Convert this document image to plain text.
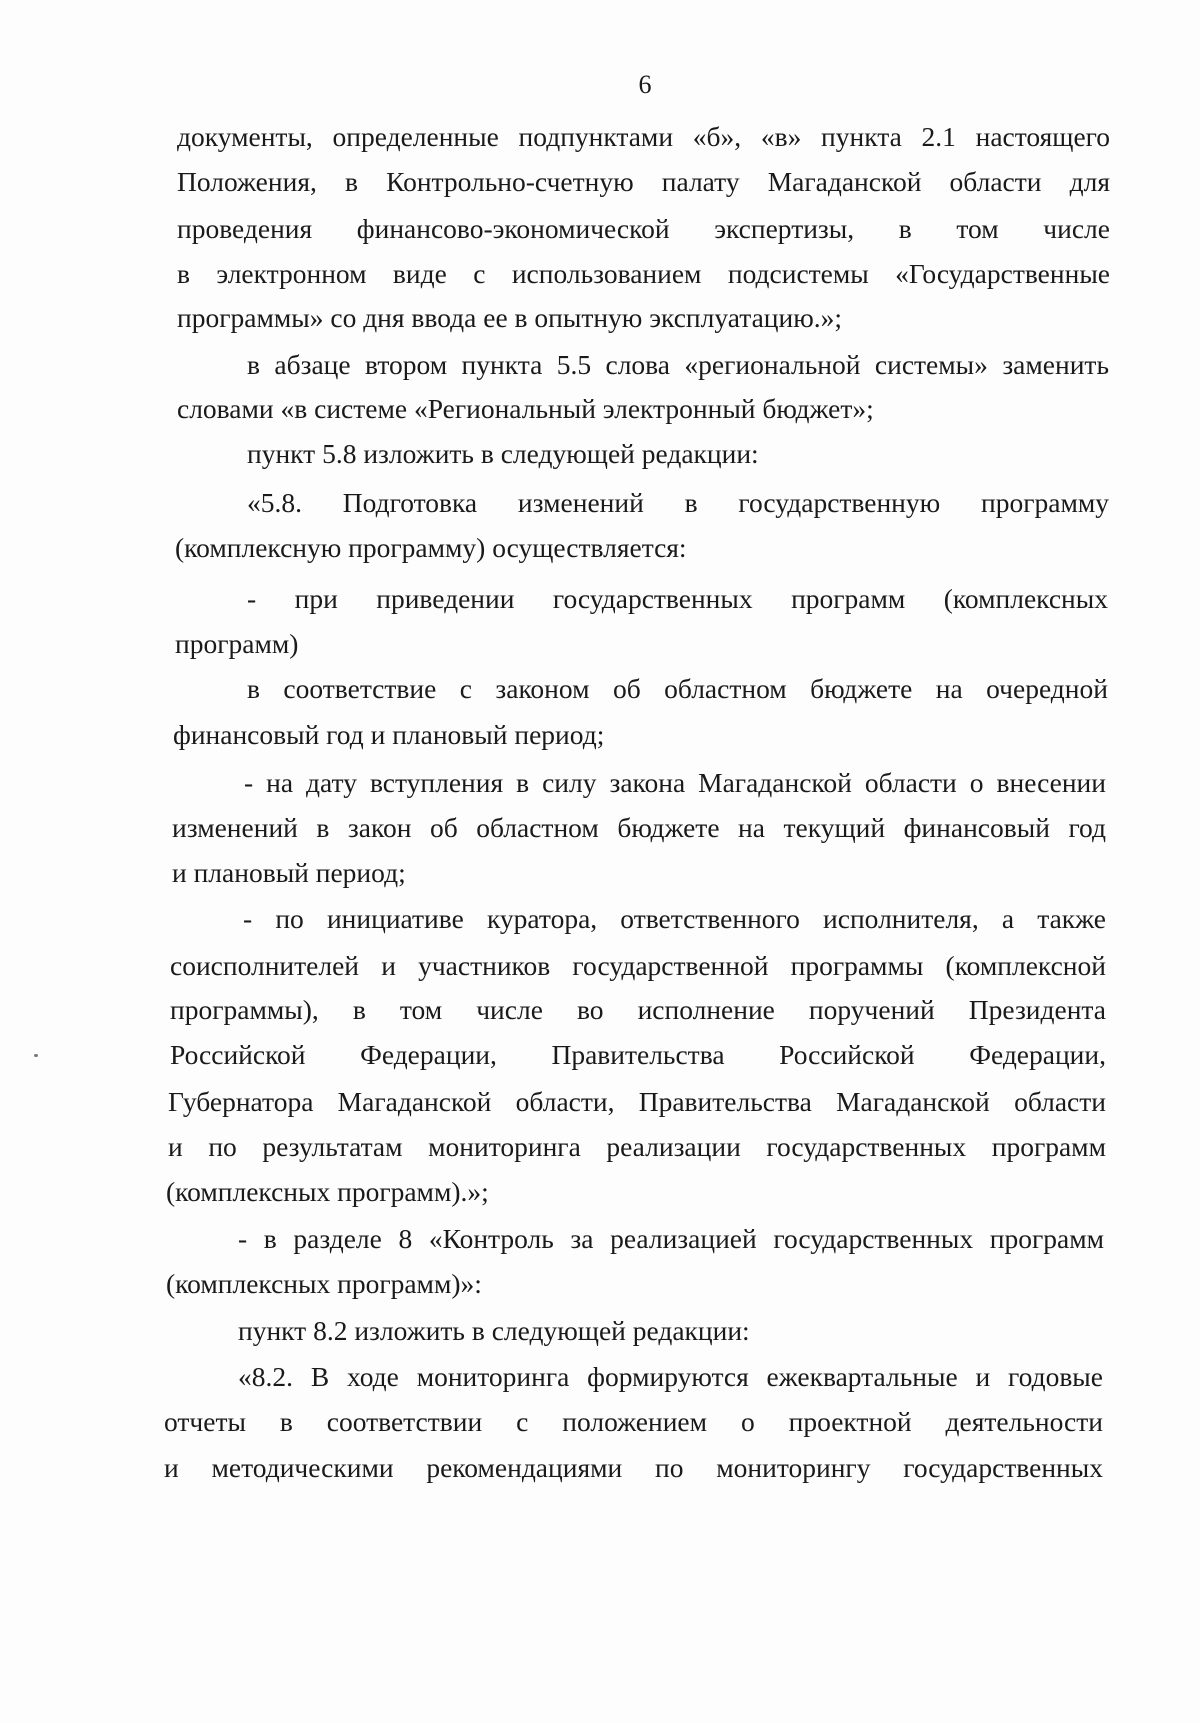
6
документы, определенные подпунктами «б», «в» пункта 2.1 настоящего
Положения, в Контрольно-счетную палату Магаданской области для
проведения финансово-экономической экспертизы, в том числе
в электронном виде с использованием подсистемы «Государственные
программы» со дня ввода ее в опытную эксплуатацию.»;
в абзаце втором пункта 5.5 слова «региональной системы» заменить
словами «в системе «Региональный электронный бюджет»;
пункт 5.8 изложить в следующей редакции:
«5.8. Подготовка изменений в государственную программу
(комплексную программу) осуществляется:
- при приведении государственных программ (комплексных
программ)
в соответствие с законом об областном бюджете на очередной
финансовый год и плановый период;
- на дату вступления в силу закона Магаданской области о внесении
изменений в закон об областном бюджете на текущий финансовый год
и плановый период;
- по инициативе куратора, ответственного исполнителя, а также
соисполнителей и участников государственной программы (комплексной
программы), в том числе во исполнение поручений Президента
Российской Федерации, Правительства Российской Федерации,
Губернатора Магаданской области, Правительства Магаданской области
и по результатам мониторинга реализации государственных программ
(комплексных программ).»;
- в разделе 8 «Контроль за реализацией государственных программ
(комплексных программ)»:
пункт 8.2 изложить в следующей редакции:
«8.2. В ходе мониторинга формируются ежеквартальные и годовые
отчеты в соответствии с положением о проектной деятельности
и методическими рекомендациями по мониторингу государственных
